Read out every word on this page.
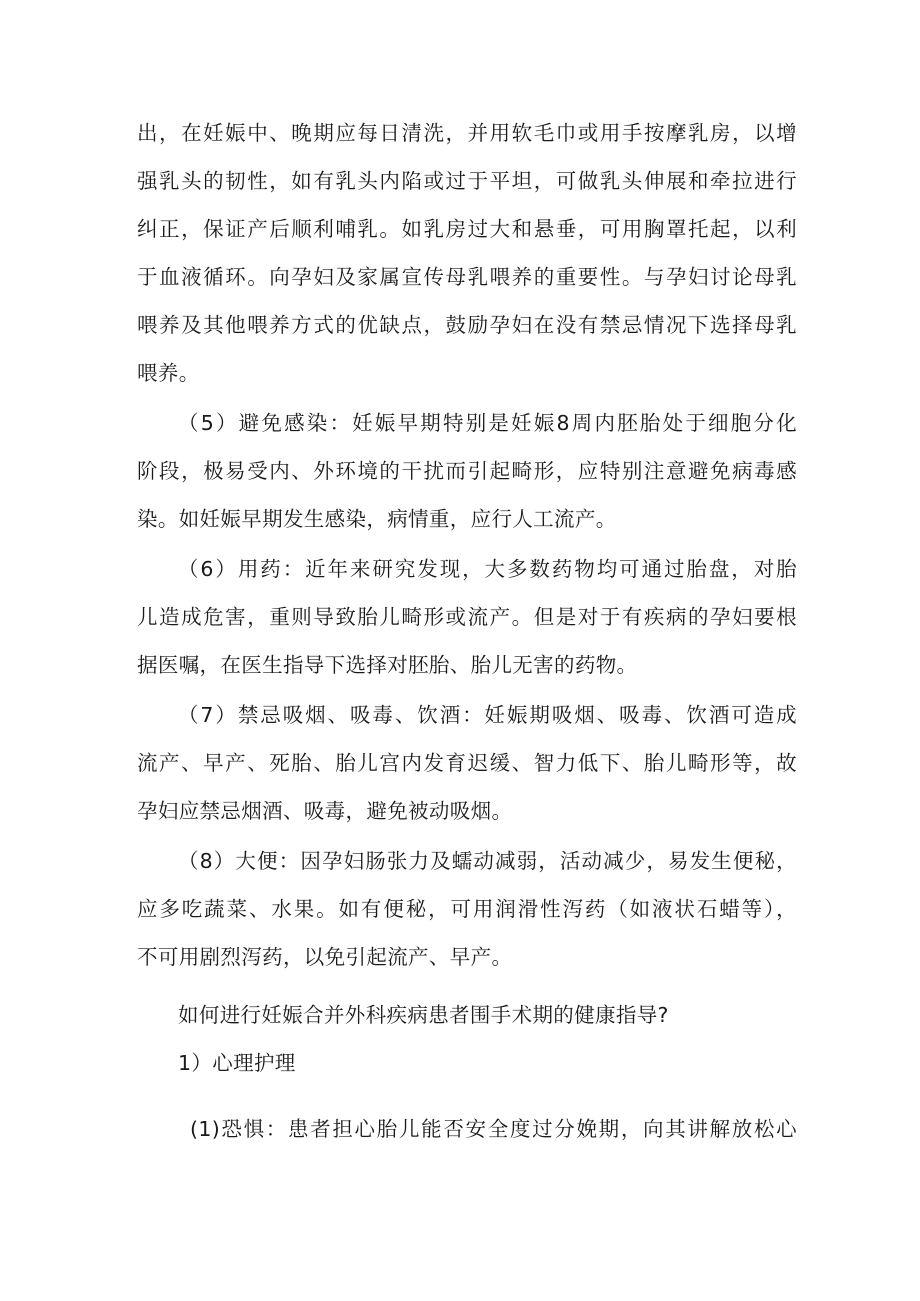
出，在妊娠中、晚期应每日清洗，并用软毛巾或用手按摩乳房，以增
强乳头的韧性，如有乳头内陷或过于平坦，可做乳头伸展和牵拉进行
纠正，保证产后顺利哺乳。如乳房过大和悬垂，可用胸罩托起，以利
于血液循环。向孕妇及家属宣传母乳喂养的重要性。与孕妇讨论母乳
喂养及其他喂养方式的优缺点，鼓励孕妇在没有禁忌情况下选择母乳
喂养。
（5）避免感染：妊娠早期特别是妊娠8周内胚胎处于细胞分化
阶段，极易受内、外环境的干扰而引起畸形，应特别注意避免病毒感
染。如妊娠早期发生感染，病情重，应行人工流产。
（6）用药：近年来研究发现，大多数药物均可通过胎盘，对胎
儿造成危害，重则导致胎儿畸形或流产。但是对于有疾病的孕妇要根
据医嘱，在医生指导下选择对胚胎、胎儿无害的药物。
（7）禁忌吸烟、吸毒、饮酒：妊娠期吸烟、吸毒、饮酒可造成
流产、早产、死胎、胎儿宫内发育迟缓、智力低下、胎儿畸形等，故
孕妇应禁忌烟酒、吸毒，避免被动吸烟。
（8）大便：因孕妇肠张力及蠕动减弱，活动减少，易发生便秘，
应多吃蔬菜、水果。如有便秘，可用润滑性泻药（如液状石蜡等），
不可用剧烈泻药，以免引起流产、早产。
如何进行妊娠合并外科疾病患者围手术期的健康指导?
1）心理护理
(1)恐惧：患者担心胎儿能否安全度过分娩期，向其讲解放松心
